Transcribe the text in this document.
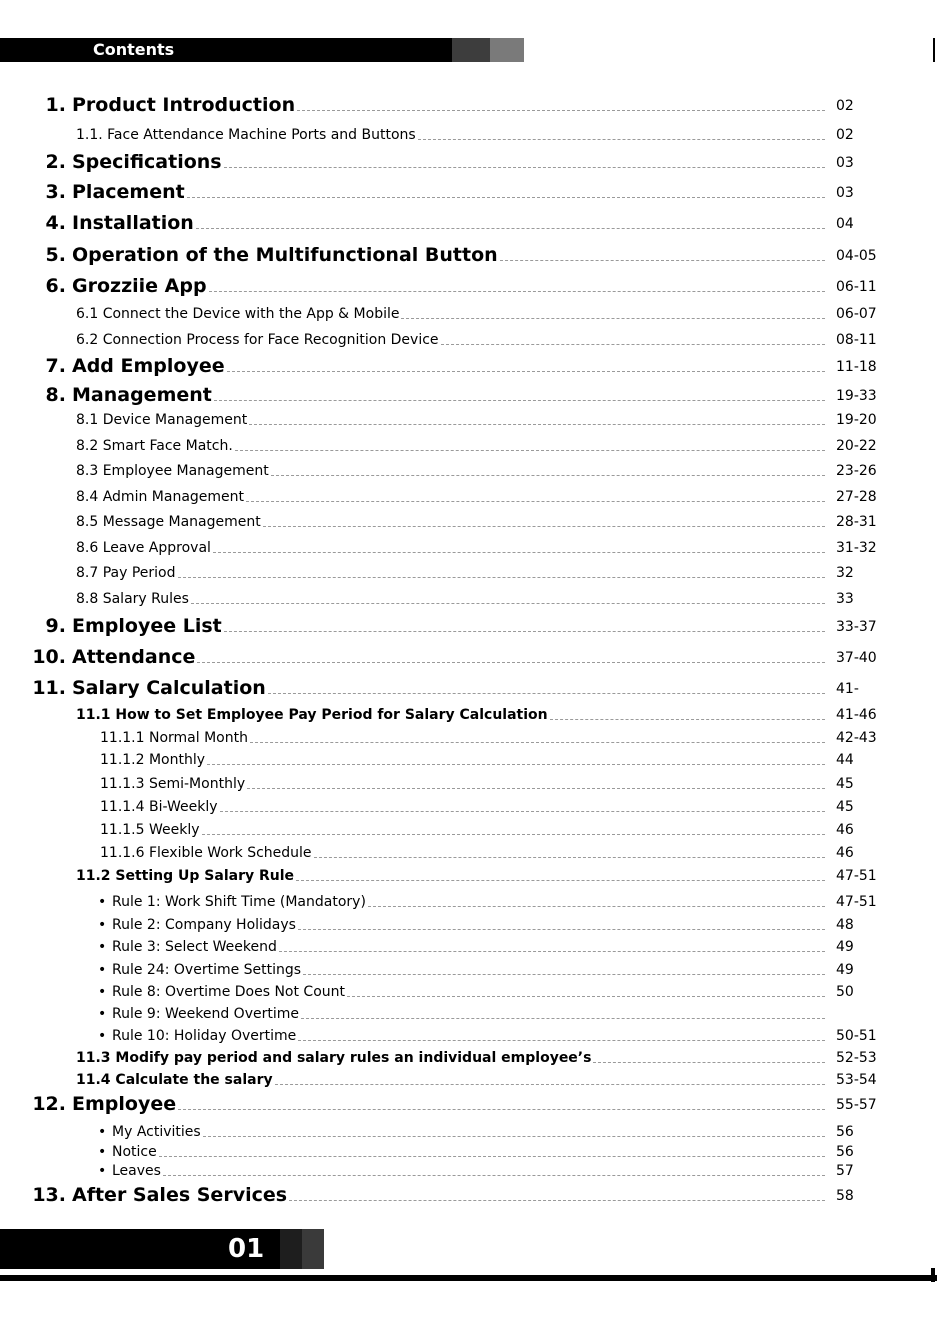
Contents
1. Product Introduction	02
1.1. Face Attendance Machine Ports and Buttons	02
2. Specifications	03
3. Placement	03
4. Installation	04
5. Operation of the Multifunctional Button	04-05
6. Grozziie App	06-11
6.1 Connect the Device with the App & Mobile	06-07
6.2 Connection Process for Face Recognition Device	08-11
7. Add Employee	11-18
8. Management	19-33
8.1 Device Management	19-20
8.2 Smart Face Match.	20-22
8.3 Employee Management	23-26
8.4 Admin Management	27-28
8.5 Message Management	28-31
8.6 Leave Approval	31-32
8.7 Pay Period	32
8.8 Salary Rules	33
9. Employee List	33-37
10. Attendance	37-40
11. Salary Calculation	41-
11.1 How to Set Employee Pay Period for Salary Calculation	41-46
11.1.1 Normal Month	42-43
11.1.2 Monthly	44
11.1.3 Semi-Monthly	45
11.1.4 Bi-Weekly	45
11.1.5 Weekly	46
11.1.6 Flexible Work Schedule	46
11.2 Setting Up Salary Rule	47-51
• Rule 1: Work Shift Time (Mandatory)	47-51
• Rule 2: Company Holidays	48
• Rule 3: Select Weekend	49
• Rule 24: Overtime Settings	49
• Rule 8: Overtime Does Not Count	50
• Rule 9: Weekend Overtime
• Rule 10: Holiday Overtime	50-51
11.3 Modify pay period and salary rules an individual employee’s	52-53
11.4 Calculate the salary	53-54
12. Employee	55-57
• My Activities	56
• Notice	56
• Leaves	57
13. After Sales Services	58
01
